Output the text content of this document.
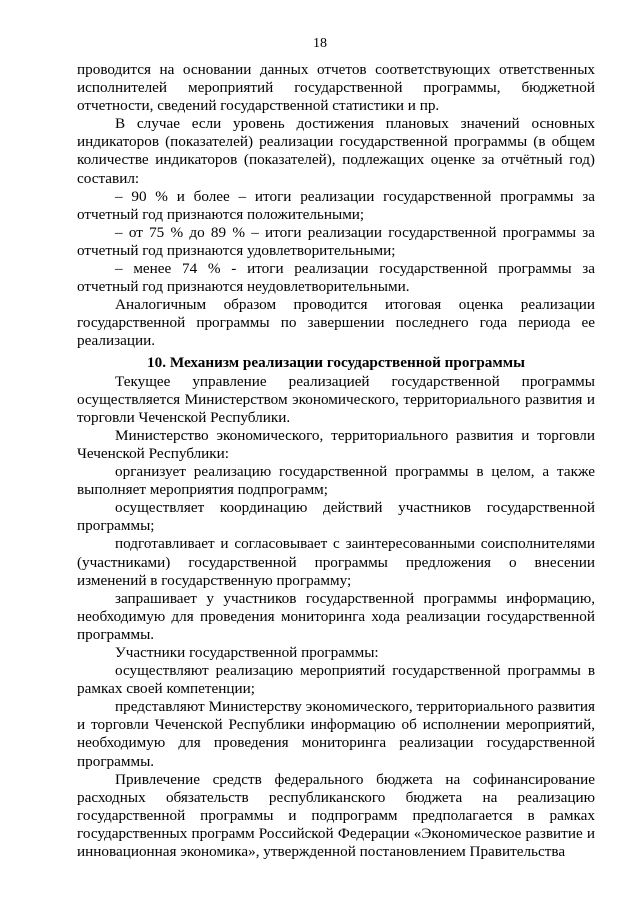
18

проводится на основании данных отчетов соответствующих ответственных исполнителей мероприятий государственной программы, бюджетной отчетности, сведений государственной статистики и пр.

В случае если уровень достижения плановых значений основных индикаторов (показателей) реализации государственной программы (в общем количестве индикаторов (показателей), подлежащих оценке за отчётный год) составил:

– 90 % и более – итоги реализации государственной программы за отчетный год признаются положительными;

– от 75 % до 89 % – итоги реализации государственной программы за отчетный год признаются удовлетворительными;

– менее 74 % - итоги реализации государственной программы за отчетный год признаются неудовлетворительными.

Аналогичным образом проводится итоговая оценка реализации государственной программы по завершении последнего года периода ее реализации.

10. Механизм реализации государственной программы

Текущее управление реализацией государственной программы осуществляется Министерством экономического, территориального развития и торговли Чеченской Республики.

Министерство экономического, территориального развития и торговли Чеченской Республики:

организует реализацию государственной программы в целом, а также выполняет мероприятия подпрограмм;

осуществляет координацию действий участников государственной программы;

подготавливает и согласовывает с заинтересованными соисполнителями (участниками) государственной программы предложения о внесении изменений в государственную программу;

запрашивает у участников государственной программы информацию, необходимую для проведения мониторинга хода реализации государственной программы.

Участники государственной программы:

осуществляют реализацию мероприятий государственной программы в рамках своей компетенции;

представляют Министерству экономического, территориального развития и торговли Чеченской Республики информацию об исполнении мероприятий, необходимую для проведения мониторинга реализации государственной программы.

Привлечение средств федерального бюджета на софинансирование расходных обязательств республиканского бюджета на реализацию государственной программы и подпрограмм предполагается в рамках государственных программ Российской Федерации «Экономическое развитие и инновационная экономика», утвержденной постановлением Правительства
